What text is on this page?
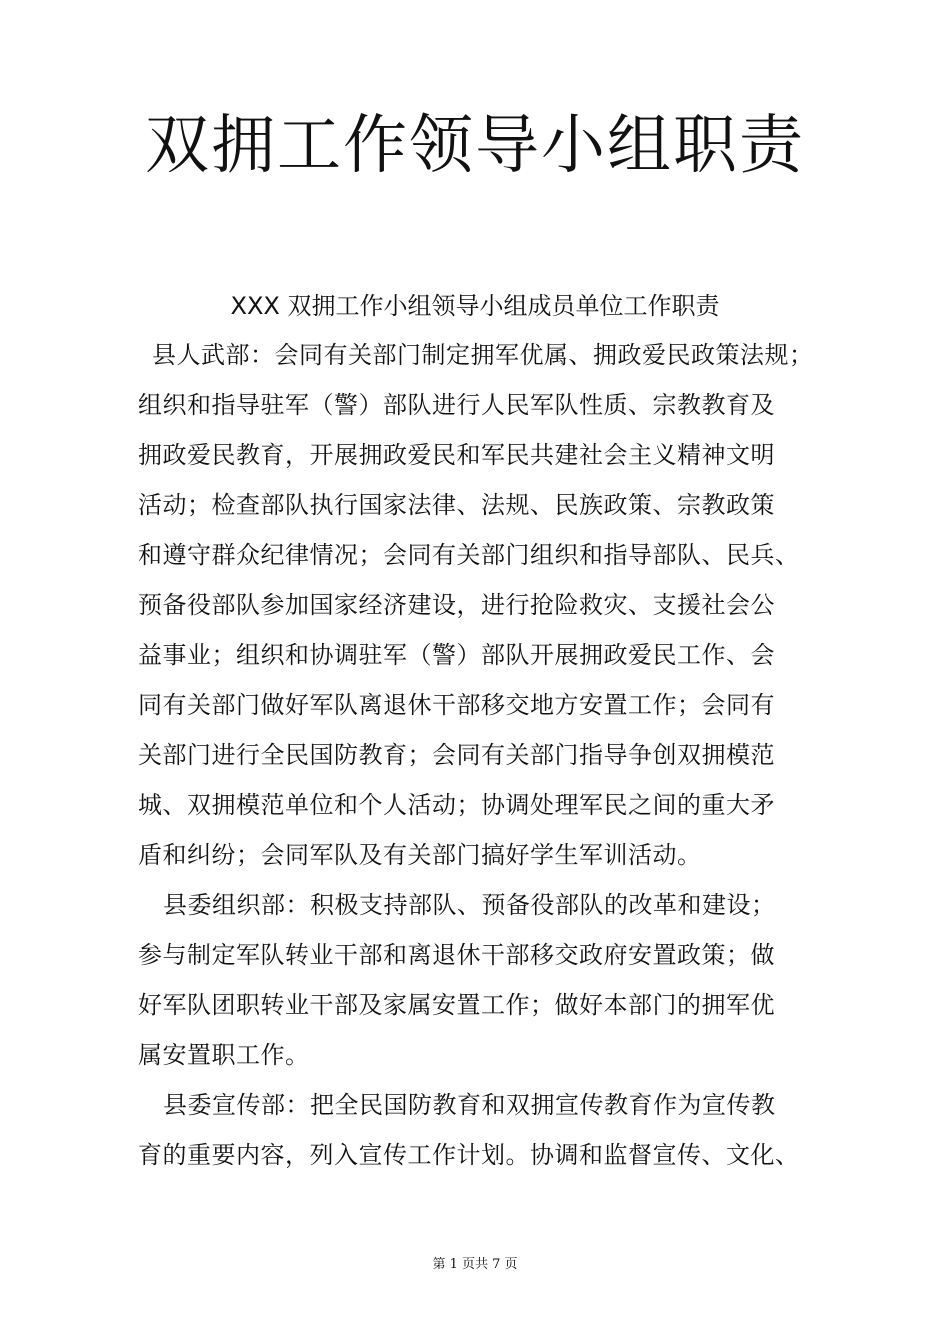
双拥工作领导小组职责
XXX 双拥工作小组领导小组成员单位工作职责
县人武部：会同有关部门制定拥军优属、拥政爱民政策法规；
组织和指导驻军（警）部队进行人民军队性质、宗教教育及
拥政爱民教育，开展拥政爱民和军民共建社会主义精神文明
活动；检查部队执行国家法律、法规、民族政策、宗教政策
和遵守群众纪律情况；会同有关部门组织和指导部队、民兵、
预备役部队参加国家经济建设，进行抢险救灾、支援社会公
益事业；组织和协调驻军（警）部队开展拥政爱民工作、会
同有关部门做好军队离退休干部移交地方安置工作；会同有
关部门进行全民国防教育；会同有关部门指导争创双拥模范
城、双拥模范单位和个人活动；协调处理军民之间的重大矛
盾和纠纷；会同军队及有关部门搞好学生军训活动。
县委组织部：积极支持部队、预备役部队的改革和建设；
参与制定军队转业干部和离退休干部移交政府安置政策；做
好军队团职转业干部及家属安置工作；做好本部门的拥军优
属安置职工作。
县委宣传部：把全民国防教育和双拥宣传教育作为宣传教
育的重要内容，列入宣传工作计划。协调和监督宣传、文化、
第 1 页共 7 页
